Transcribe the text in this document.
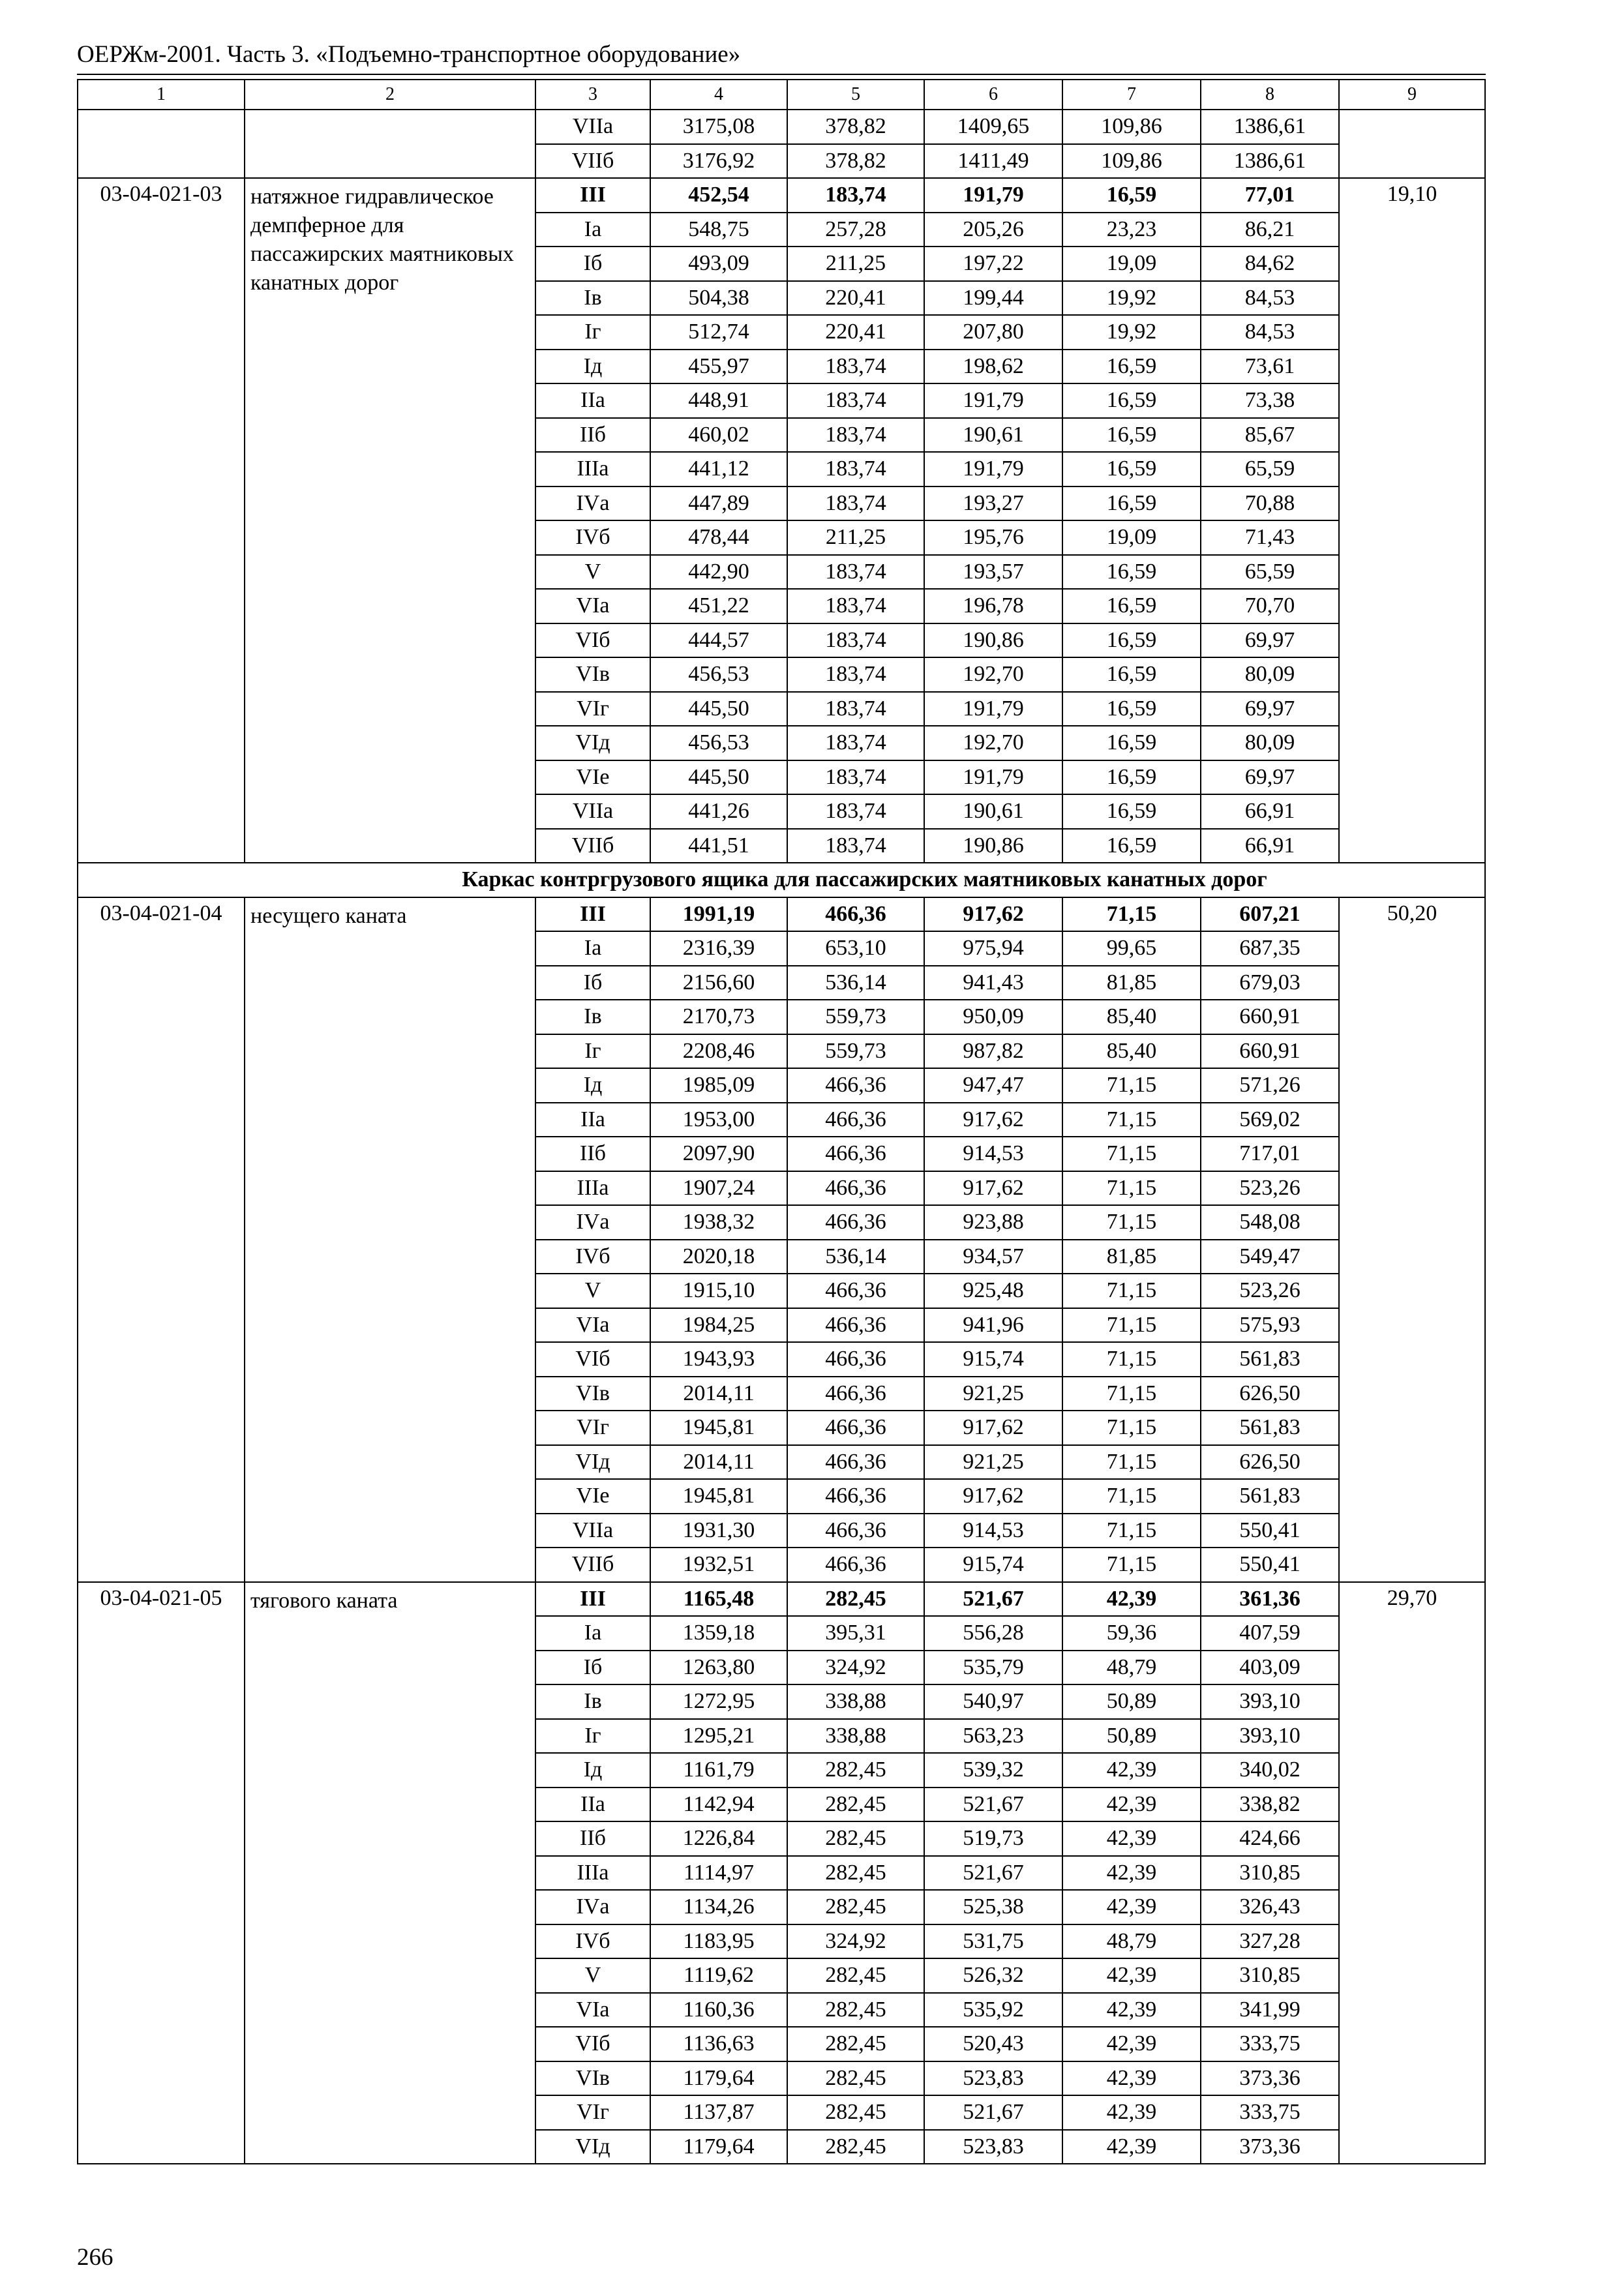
ОЕРЖм-2001. Часть 3. «Подъемно-транспортное оборудование»
1	2	3	4	5	6	7	8	9
		VIIа	3175,08	378,82	1409,65	109,86	1386,61	
		VIIб	3176,92	378,82	1411,49	109,86	1386,61	
03-04-021-03	натяжное гидравлическое демпферное для пассажирских маятниковых канатных дорог	III	452,54	183,74	191,79	16,59	77,01	19,10
		Iа	548,75	257,28	205,26	23,23	86,21	
		Iб	493,09	211,25	197,22	19,09	84,62	
		Iв	504,38	220,41	199,44	19,92	84,53	
		Iг	512,74	220,41	207,80	19,92	84,53	
		Iд	455,97	183,74	198,62	16,59	73,61	
		IIа	448,91	183,74	191,79	16,59	73,38	
		IIб	460,02	183,74	190,61	16,59	85,67	
		IIIа	441,12	183,74	191,79	16,59	65,59	
		IVа	447,89	183,74	193,27	16,59	70,88	
		IVб	478,44	211,25	195,76	19,09	71,43	
		V	442,90	183,74	193,57	16,59	65,59	
		VIа	451,22	183,74	196,78	16,59	70,70	
		VIб	444,57	183,74	190,86	16,59	69,97	
		VIв	456,53	183,74	192,70	16,59	80,09	
		VIг	445,50	183,74	191,79	16,59	69,97	
		VIд	456,53	183,74	192,70	16,59	80,09	
		VIе	445,50	183,74	191,79	16,59	69,97	
		VIIа	441,26	183,74	190,61	16,59	66,91	
		VIIб	441,51	183,74	190,86	16,59	66,91	
	Каркас контргрузового ящика для пассажирских маятниковых канатных дорог							
03-04-021-04	несущего каната	III	1991,19	466,36	917,62	71,15	607,21	50,20
		Iа	2316,39	653,10	975,94	99,65	687,35	
		Iб	2156,60	536,14	941,43	81,85	679,03	
		Iв	2170,73	559,73	950,09	85,40	660,91	
		Iг	2208,46	559,73	987,82	85,40	660,91	
		Iд	1985,09	466,36	947,47	71,15	571,26	
		IIа	1953,00	466,36	917,62	71,15	569,02	
		IIб	2097,90	466,36	914,53	71,15	717,01	
		IIIа	1907,24	466,36	917,62	71,15	523,26	
		IVа	1938,32	466,36	923,88	71,15	548,08	
		IVб	2020,18	536,14	934,57	81,85	549,47	
		V	1915,10	466,36	925,48	71,15	523,26	
		VIа	1984,25	466,36	941,96	71,15	575,93	
		VIб	1943,93	466,36	915,74	71,15	561,83	
		VIв	2014,11	466,36	921,25	71,15	626,50	
		VIг	1945,81	466,36	917,62	71,15	561,83	
		VIд	2014,11	466,36	921,25	71,15	626,50	
		VIе	1945,81	466,36	917,62	71,15	561,83	
		VIIа	1931,30	466,36	914,53	71,15	550,41	
		VIIб	1932,51	466,36	915,74	71,15	550,41	
03-04-021-05	тягового каната	III	1165,48	282,45	521,67	42,39	361,36	29,70
		Iа	1359,18	395,31	556,28	59,36	407,59	
		Iб	1263,80	324,92	535,79	48,79	403,09	
		Iв	1272,95	338,88	540,97	50,89	393,10	
		Iг	1295,21	338,88	563,23	50,89	393,10	
		Iд	1161,79	282,45	539,32	42,39	340,02	
		IIа	1142,94	282,45	521,67	42,39	338,82	
		IIб	1226,84	282,45	519,73	42,39	424,66	
		IIIа	1114,97	282,45	521,67	42,39	310,85	
		IVа	1134,26	282,45	525,38	42,39	326,43	
		IVб	1183,95	324,92	531,75	48,79	327,28	
		V	1119,62	282,45	526,32	42,39	310,85	
		VIа	1160,36	282,45	535,92	42,39	341,99	
		VIб	1136,63	282,45	520,43	42,39	333,75	
		VIв	1179,64	282,45	523,83	42,39	373,36	
		VIг	1137,87	282,45	521,67	42,39	333,75	
		VIд	1179,64	282,45	523,83	42,39	373,36	
266
